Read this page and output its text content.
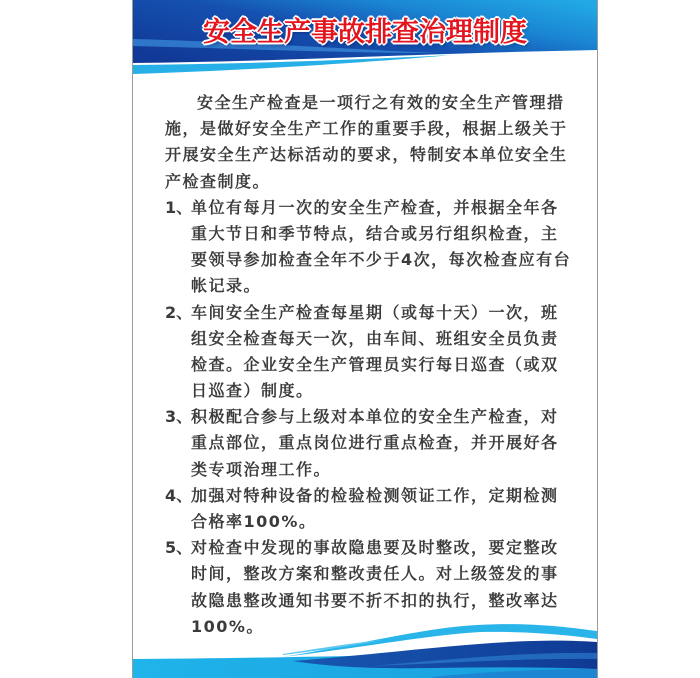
安全生产事故排查治理制度
安全生产检查是一项行之有效的安全生产管理措
施，是做好安全生产工作的重要手段，根据上级关于
开展安全生产达标活动的要求，特制安本单位安全生
产检查制度。
1、
单位有每月一次的安全生产检查，并根据全年各
重大节日和季节特点，结合或另行组织检查，主
要领导参加检查全年不少于4次，每次检查应有台
帐记录。
2、
车间安全生产检查每星期（或每十天）一次，班
组安全检查每天一次，由车间、班组安全员负责
检查。企业安全生产管理员实行每日巡查（或双
日巡查）制度。
3、
积极配合参与上级对本单位的安全生产检查，对
重点部位，重点岗位进行重点检查，并开展好各
类专项治理工作。
4、
加强对特种设备的检验检测领证工作，定期检测
合格率100%。
5、
对检查中发现的事故隐患要及时整改，要定整改
时间，整改方案和整改责任人。对上级签发的事
故隐患整改通知书要不折不扣的执行，整改率达
100%。
